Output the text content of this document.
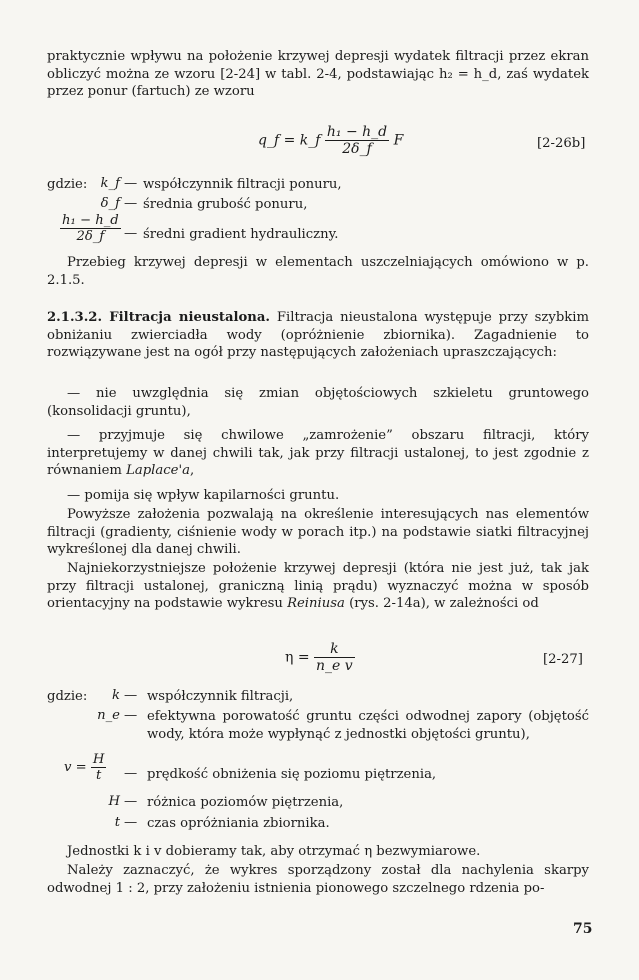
praktycznie wpływu na położenie krzywej depresji wydatek filtracji przez ekran obliczyć można ze wzoru [2-24] w tabl. 2-4, podstawiając h₂ = h_d, zaś wydatek przez ponur (fartuch) ze wzoru
q_f = k_f $\frac{\text{h₁ − h\_d}}{2\delta\_f}$ F	[2-26b]
gdzie:	k_f — współczynnik filtracji ponuru,
δ_f — średnia grubość ponuru,
$\frac{\text{h₁ − h\_d}}{2\delta\_f}$ — średni gradient hydrauliczny.
Przebieg krzywej depresji w elementach uszczelniających omówiono w p. 2.1.5.
2.1.3.2. Filtracja nieustalona. Filtracja nieustalona występuje przy szybkim obniżaniu zwierciadła wody (opróżnienie zbiornika). Zagadnienie to rozwiązywane jest na ogół przy następujących założeniach upraszczających:
— nie uwzględnia się zmian objętościowych szkieletu gruntowego (konsolidacji gruntu),
— przyjmuje się chwilowe „zamrożenie” obszaru filtracji, który interpretujemy w danej chwili tak, jak przy filtracji ustalonej, to jest zgodnie z równaniem Laplace'a,
— pomija się wpływ kapilarności gruntu.
Powyższe założenia pozwalają na określenie interesujących nas elementów filtracji (gradienty, ciśnienie wody w porach itp.) na podstawie siatki filtracyjnej wykreślonej dla danej chwili.
Najniekorzystniejsze położenie krzywej depresji (która nie jest już, tak jak przy filtracji ustalonej, graniczną linią prądu) wyznaczyć można w sposób orientacyjny na podstawie wykresu Reiniusa (rys. 2-14a), w zależności od
$\eta = \frac{k}{\text{n\_e v}}$	[2-27]
gdzie:	k — współczynnik filtracji,
n_e — efektywna porowatość gruntu części odwodnej zapory (objętość wody, która może wypłynąć z jednostki objętości gruntu),
$v = \frac{H}{t}$ — prędkość obniżenia się poziomu piętrzenia,
H — różnica poziomów piętrzenia,
t — czas opróżniania zbiornika.
Jednostki k i v dobieramy tak, aby otrzymać η bezwymiarowe.
Należy zaznaczyć, że wykres sporządzony został dla nachylenia skarpy odwodnej 1 : 2, przy założeniu istnienia pionowego szczelnego rdzenia po-
75
